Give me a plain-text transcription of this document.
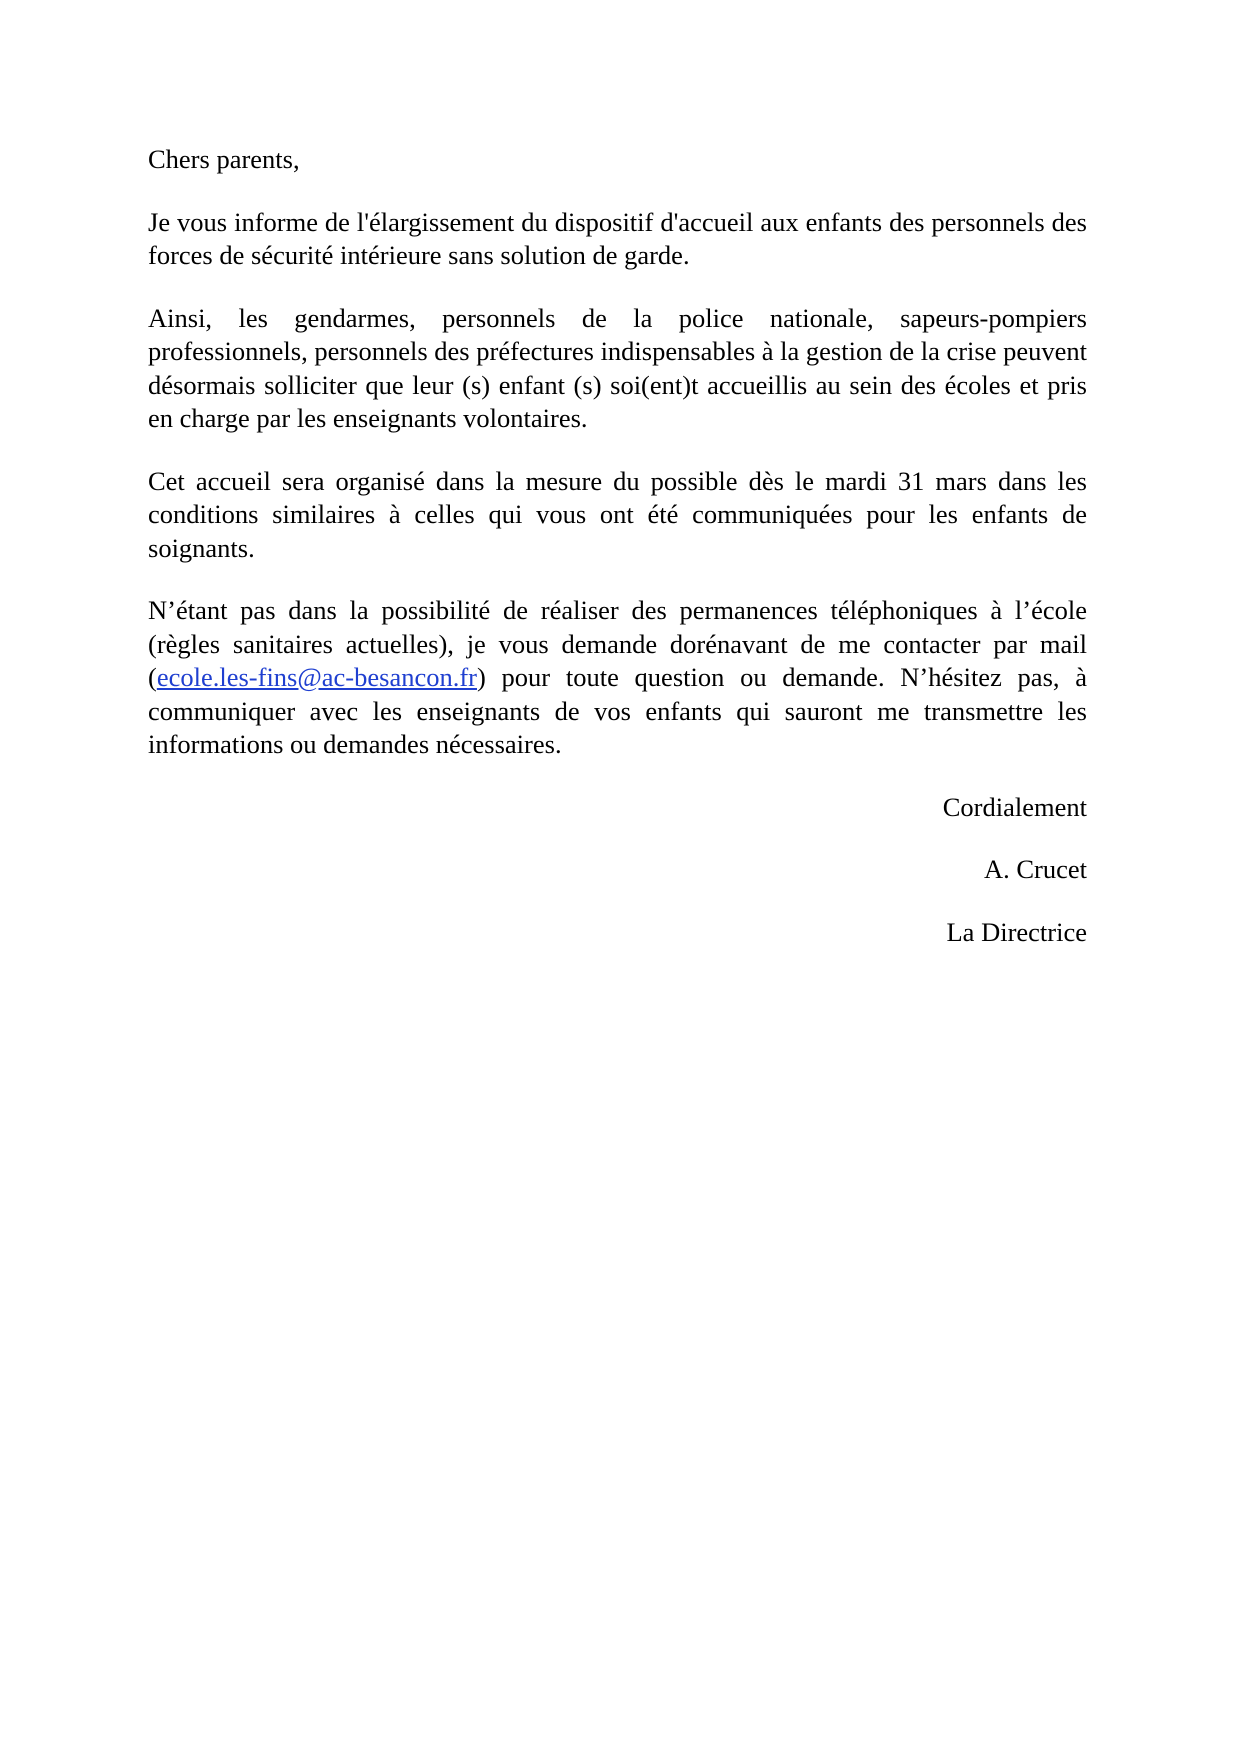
Chers parents,

Je vous informe de l'élargissement du dispositif d'accueil aux enfants des personnels des forces de sécurité intérieure sans solution de garde.

Ainsi, les gendarmes, personnels de la police nationale, sapeurs-pompiers professionnels, personnels des préfectures indispensables à la gestion de la crise peuvent désormais solliciter que leur (s) enfant (s) soi(ent)t accueillis au sein des écoles et pris en charge par les enseignants volontaires.

Cet accueil sera organisé dans la mesure du possible dès le mardi 31 mars dans les conditions similaires à celles qui vous ont été communiquées pour les enfants de soignants.

N’étant pas dans la possibilité de réaliser des permanences téléphoniques à l’école (règles sanitaires actuelles), je vous demande dorénavant de me contacter par mail (ecole.les-fins@ac-besancon.fr) pour toute question ou demande. N’hésitez pas, à communiquer avec les enseignants de vos enfants qui sauront me transmettre les informations ou demandes nécessaires.

Cordialement

A. Crucet

La Directrice
